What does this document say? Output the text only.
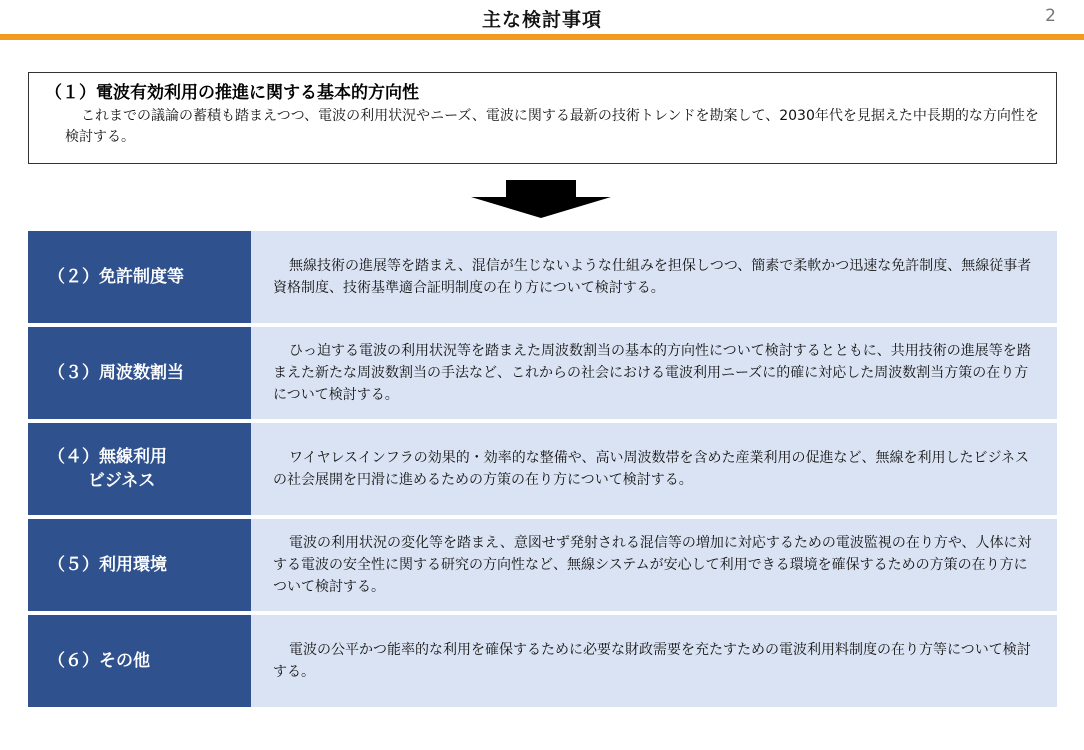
主な検討事項	2

（１）電波有効利用の推進に関する基本的方向性

これまでの議論の蓄積も踏まえつつ、電波の利用状況やニーズ、電波に関する最新の技術トレンドを勘案して、2030年代を見据えた中長期的な方向性を検討する。

（２）免許制度等
無線技術の進展等を踏まえ、混信が生じないような仕組みを担保しつつ、簡素で柔軟かつ迅速な免許制度、無線従事者資格制度、技術基準適合証明制度の在り方について検討する。
（３）周波数割当
ひっ迫する電波の利用状況等を踏まえた周波数割当の基本的方向性について検討するとともに、共用技術の進展等を踏まえた新たな周波数割当の手法など、これからの社会における電波利用ニーズに的確に対応した周波数割当方策の在り方について検討する。
（４）無線利用
　　 ビジネス
ワイヤレスインフラの効果的・効率的な整備や、高い周波数帯を含めた産業利用の促進など、無線を利用したビジネスの社会展開を円滑に進めるための方策の在り方について検討する。
（５）利用環境
電波の利用状況の変化等を踏まえ、意図せず発射される混信等の増加に対応するための電波監視の在り方や、人体に対する電波の安全性に関する研究の方向性など、無線システムが安心して利用できる環境を確保するための方策の在り方について検討する。
（６）その他
電波の公平かつ能率的な利用を確保するために必要な財政需要を充たすための電波利用料制度の在り方等について検討する。
